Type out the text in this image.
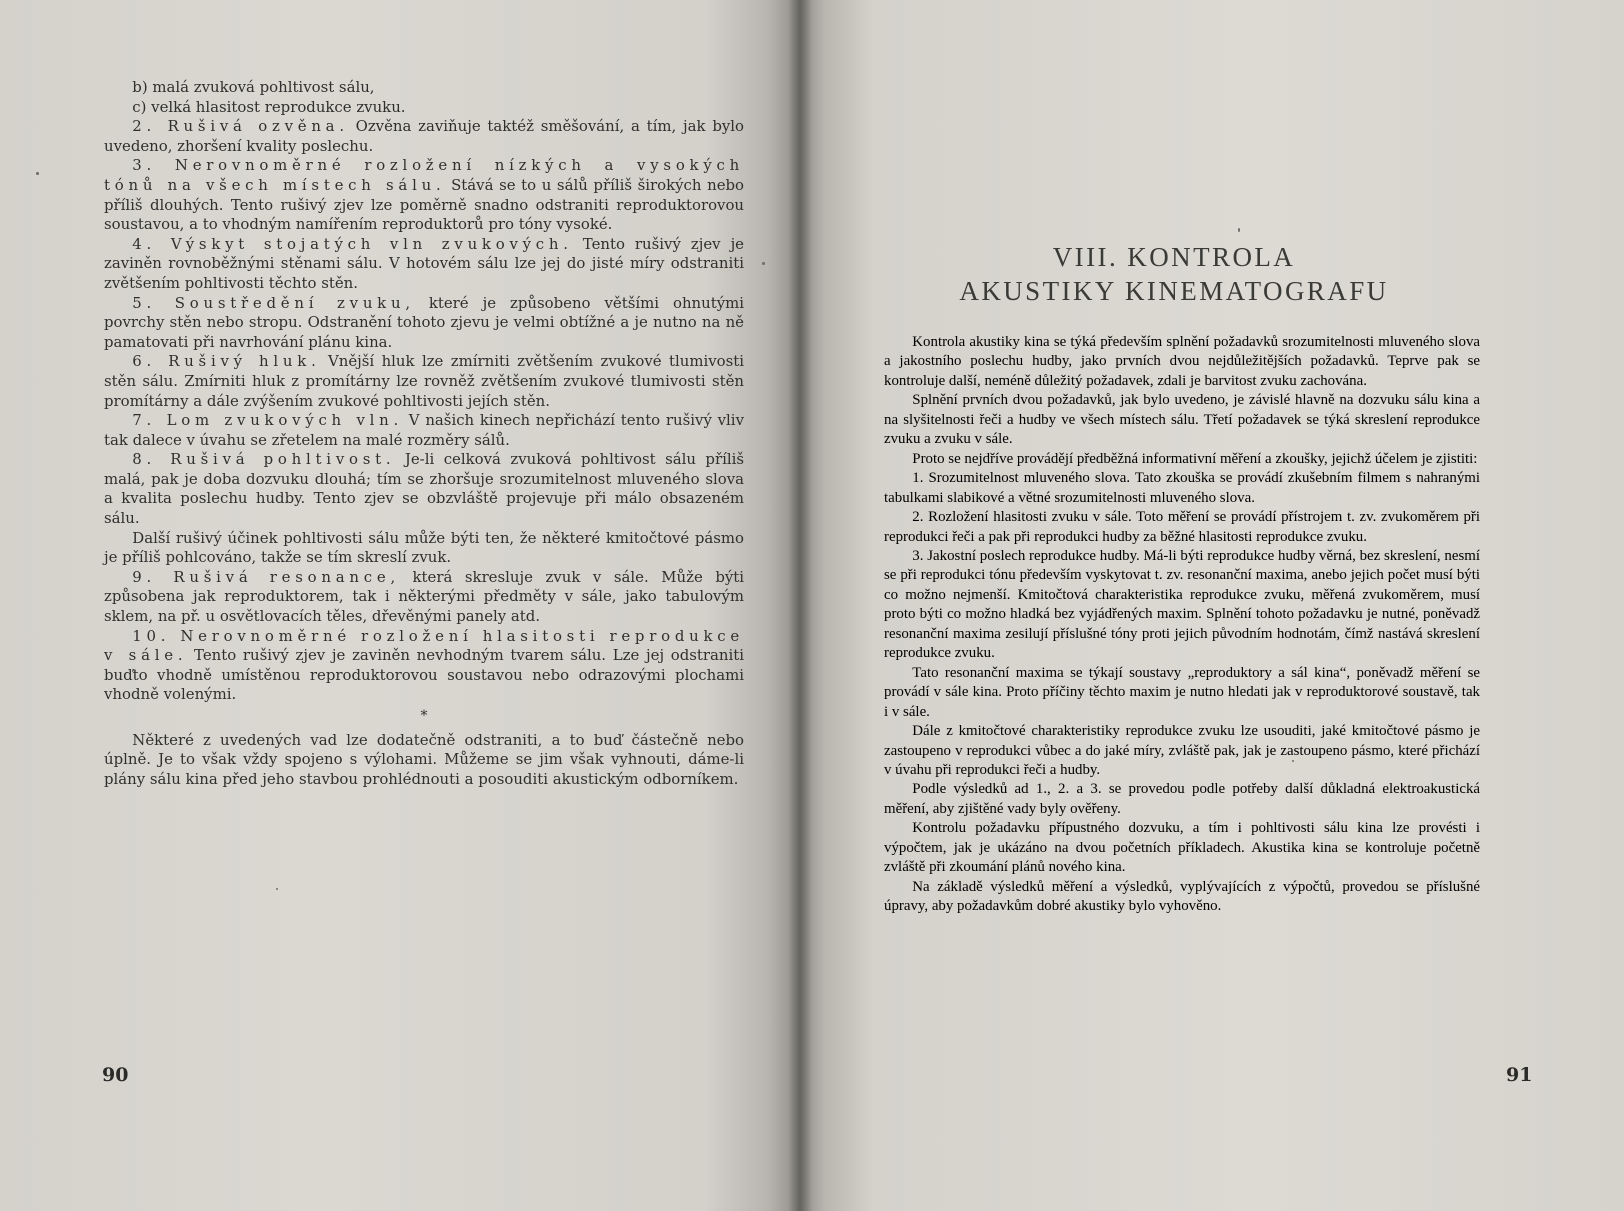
b) malá zvuková pohltivost sálu,

c) velká hlasitost reprodukce zvuku.

2. Rušivá ozvěna. Ozvěna zaviňuje taktéž směšování, a tím, jak bylo uvedeno, zhoršení kvality poslechu.

3. Nerovnoměrné rozložení nízkých a vysokých tónů na všech místech sálu. Stává se to u sálů příliš širokých nebo příliš dlouhých. Tento rušivý zjev lze poměrně snadno odstraniti reproduktorovou soustavou, a to vhodným namířením reproduktorů pro tóny vysoké.

4. Výskyt stojatých vln zvukových. Tento rušivý zjev je zaviněn rovnoběžnými stěnami sálu. V hotovém sálu lze jej do jisté míry odstraniti zvětšením pohltivosti těchto stěn.

5. Soustředění zvuku, které je způsobeno většími ohnutými povrchy stěn nebo stropu. Odstranění tohoto zjevu je velmi obtížné a je nutno na ně pamatovati při navrhování plánu kina.

6. Rušivý hluk. Vnější hluk lze zmírniti zvětšením zvukové tlumivosti stěn sálu. Zmírniti hluk z promítárny lze rovněž zvětšením zvukové tlumivosti stěn promítárny a dále zvýšením zvukové pohltivosti jejích stěn.

7. Lom zvukových vln. V našich kinech nepřichází tento rušivý vliv tak dalece v úvahu se zřetelem na malé rozměry sálů.

8. Rušivá pohltivost. Je-li celková zvuková pohltivost sálu příliš malá, pak je doba dozvuku dlouhá; tím se zhoršuje srozumitelnost mluveného slova a kvalita poslechu hudby. Tento zjev se obzvláště projevuje při málo obsazeném sálu.

Další rušivý účinek pohltivosti sálu může býti ten, že některé kmitočtové pásmo je příliš pohlcováno, takže se tím skreslí zvuk.

9. Rušivá resonance, která skresluje zvuk v sále. Může býti způsobena jak reproduktorem, tak i některými předměty v sále, jako tabulovým sklem, na př. u osvětlovacích těles, dřevěnými panely atd.

10. Nerovnoměrné rozložení hlasitosti reprodukce v sále. Tento rušivý zjev je zaviněn nevhodným tvarem sálu. Lze jej odstraniti buďto vhodně umístěnou reproduktorovou soustavou nebo odrazovými plochami vhodně volenými.

*

Některé z uvedených vad lze dodatečně odstraniti, a to buď částečně nebo úplně. Je to však vždy spojeno s výlohami. Můžeme se jim však vyhnouti, dáme-li plány sálu kina před jeho stavbou prohlédnouti a posouditi akustickým odborníkem.

90
VIII. KONTROLA
AKUSTIKY KINEMATOGRAFU

Kontrola akustiky kina se týká především splnění požadavků srozumitelnosti mluveného slova a jakostního poslechu hudby, jako prvních dvou nejdůležitějších požadavků. Teprve pak se kontroluje další, neméně důležitý požadavek, zdali je barvitost zvuku zachována.

Splnění prvních dvou požadavků, jak bylo uvedeno, je závislé hlavně na dozvuku sálu kina a na slyšitelnosti řeči a hudby ve všech místech sálu. Třetí požadavek se týká skreslení reprodukce zvuku a zvuku v sále.

Proto se nejdříve provádějí předběžná informativní měření a zkoušky, jejichž účelem je zjistiti:

1. Srozumitelnost mluveného slova. Tato zkouška se provádí zkušebním filmem s nahranými tabulkami slabikové a větné srozumitelnosti mluveného slova.

2. Rozložení hlasitosti zvuku v sále. Toto měření se provádí přístrojem t. zv. zvukoměrem při reprodukci řeči a pak při reprodukci hudby za běžné hlasitosti reprodukce zvuku.

3. Jakostní poslech reprodukce hudby. Má-li býti reprodukce hudby věrná, bez skreslení, nesmí se při reprodukci tónu především vyskytovat t. zv. resonanční maxima, anebo jejich počet musí býti co možno nejmenší. Kmitočtová charakteristika reprodukce zvuku, měřená zvukoměrem, musí proto býti co možno hladká bez vyjádřených maxim. Splnění tohoto požadavku je nutné, poněvadž resonanční maxima zesilují příslušné tóny proti jejich původním hodnotám, čímž nastává skreslení reprodukce zvuku.

Tato resonanční maxima se týkají soustavy „reproduktory a sál kina“, poněvadž měření se provádí v sále kina. Proto příčiny těchto maxim je nutno hledati jak v reproduktorové soustavě, tak i v sále.

Dále z kmitočtové charakteristiky reprodukce zvuku lze usouditi, jaké kmitočtové pásmo je zastoupeno v reprodukci vůbec a do jaké míry, zvláště pak, jak je zastoupeno pásmo, které přichází v úvahu při reprodukci řeči a hudby.

Podle výsledků ad 1., 2. a 3. se provedou podle potřeby další důkladná elektroakustická měření, aby zjištěné vady byly ověřeny.

Kontrolu požadavku přípustného dozvuku, a tím i pohltivosti sálu kina lze provésti i výpočtem, jak je ukázáno na dvou početních příkladech. Akustika kina se kontroluje početně zvláště při zkoumání plánů nového kina.

Na základě výsledků měření a výsledků, vyplývajících z výpočtů, provedou se příslušné úpravy, aby požadavkům dobré akustiky bylo vyhověno.

91
